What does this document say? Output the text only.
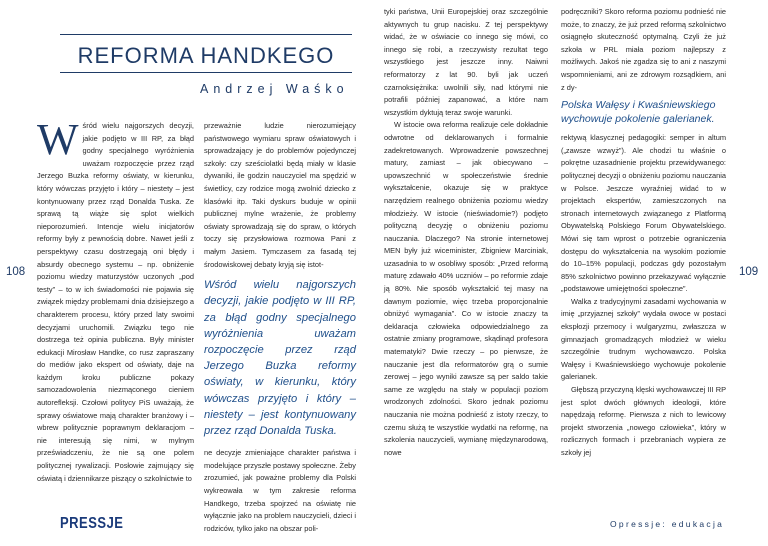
REFORMA HANDKEGO
Andrzej Waśko

Wśród wielu najgorszych decyzji, jakie podjęto w III RP, za błąd godny specjalnego wyróżnienia uważam rozpoczęcie przez rząd Jerzego Buzka reformy oświaty, w kierunku, który wówczas przyjęto i który – niestety – jest kontynuowany przez rząd Donalda Tuska. Ze sprawą tą wiąże się splot wielkich nieporozumień. Intencje wielu inicjatorów reformy były z pewnością dobre. Nawet jeśli z perspektywy czasu dostrzegają oni błędy i absurdy obecnego systemu – np. obniżenie poziomu wiedzy maturzystów uczonych „pod testy” – to w ich świadomości nie pojawia się związek między problemami dnia dzisiejszego a charakterem procesu, który przed laty swoimi decyzjami uruchomili. Związku tego nie dostrzega też opinia publiczna. Były minister edukacji Mirosław Handke, co rusz zapraszany do mediów jako ekspert od oświaty, daje na każdym kroku publiczne pokazy samozadowolenia niezmąconego cieniem autorefleksji. Czołowi politycy PiS uważają, że sprawy oświatowe mają charakter branżowy i – wbrew politycznie poprawnym deklaracjom – nie interesują się nimi, w mylnym przeświadczeniu, że nie są one polem politycznej rywalizacji. Posłowie zajmujący się oświatą i dziennikarze piszący o szkolnictwie to

przeważnie ludzie nierozumiejący państwowego wymiaru spraw oświatowych i sprowadzający je do problemów pojedynczej szkoły: czy sześciolatki będą miały w klasie dywaniki, ile godzin nauczyciel ma spędzić w świetlicy, czy rodzice mogą zwolnić dziecko z klasówki itp. Taki dyskurs buduje w opinii publicznej mylne wrażenie, że problemy oświaty sprowadzają się do spraw, o których toczy się przysłowiowa rozmowa Pani z małym Jasiem. Tymczasem za fasadą tej środowiskowej debaty kryją się istot-

Wśród wielu najgorszych decyzji, jakie podjęto w III RP, za błąd godny specjalnego wyróżnienia uważam rozpoczęcie przez rząd Jerzego Buzka reformy oświaty, w kierunku, który wówczas przyjęto i który – niestety – jest kontynuowany przez rząd Donalda Tuska.

ne decyzje zmieniające charakter państwa i modelujące przyszłe postawy społeczne. Żeby zrozumieć, jak poważne problemy dla Polski wykreowała w tym zakresie reforma Handkego, trzeba spojrzeć na oświatę nie wyłącznie jako na problem nauczycieli, dzieci i rodziców, tylko jako na obszar poli-

108
PRESSJE

tyki państwa, Unii Europejskiej oraz szczególnie aktywnych tu grup nacisku. Z tej perspektywy widać, że w oświacie co innego się mówi, co innego się robi, a rzeczywisty rezultat tego wszystkiego jest jeszcze inny. Naiwni reformatorzy z lat 90. byli jak uczeń czarnoksiężnika: uwolnili siły, nad którymi nie potrafili później zapanować, a które nam wszystkim dyktują teraz swoje warunki.

W istocie owa reforma realizuje cele dokładnie odwrotne od deklarowanych i formalnie zadekretowanych. Wprowadzenie powszechnej matury, zamiast – jak obiecywano – upowszechnić w społeczeństwie średnie wykształcenie, okazuje się w praktyce narzędziem realnego obniżenia poziomu wiedzy młodzieży. W istocie (nieświadomie?) podjęto polityczną decyzję o obniżeniu poziomu nauczania. Dlaczego? Na stronie internetowej MEN były już wiceminister, Zbigniew Marciniak, uzasadnia to w osobliwy sposób: „Przed reformą maturę zdawało 40% uczniów – po reformie zdaje ją 80%. Nie sposób wykształcić tej masy na dawnym poziomie, więc trzeba proporcjonalnie obniżyć wymagania”. Co w istocie znaczy ta deklaracja człowieka odpowiedzialnego za ostatnie zmiany programowe, skądinąd profesora matematyki? Dwie rzeczy – po pierwsze, że nauczanie jest dla reformatorów grą o sumie zerowej – jego wyniki zawsze są per saldo takie same ze względu na stały w populacji poziom wrodzonych zdolności. Skoro jednak poziomu nauczania nie można podnieść z istoty rzeczy, to czemu służą te wszystkie wydatki na reformę, na szkolenia nauczycieli, wymianę międzynarodową, nowe

podręczniki? Skoro reforma poziomu podnieść nie może, to znaczy, że już przed reformą szkolnictwo osiągnęło skuteczność optymalną. Czyli że już szkoła w PRL miała poziom najlepszy z możliwych. Jakoś nie zgadza się to ani z naszymi wspomnieniami, ani ze zdrowym rozsądkiem, ani z dy-

Polska Wałęsy i Kwaśniewskiego wychowuje pokolenie galerianek.

rektywą klasycznej pedagogiki: semper in altum („zawsze wzwyż”). Ale chodzi tu właśnie o pokrętne uzasadnienie projektu przewidywanego: politycznej decyzji o obniżeniu poziomu nauczania w Polsce. Jeszcze wyraźniej widać to w projektach ekspertów, zamieszczonych na stronach internetowych związanego z Platformą Obywatelską Polskiego Forum Obywatelskiego. Mówi się tam wprost o potrzebie ograniczenia dostępu do wykształcenia na wysokim poziomie do 10–15% populacji, podczas gdy pozostałym 85% szkolnictwo powinno przekazywać wyłącznie „podstawowe umiejętności społeczne”.

Walka z tradycyjnymi zasadami wychowania w imię „przyjaznej szkoły” wydała owoce w postaci ekspłozji przemocy i wulgaryzmu, zwłaszcza w gimnazjach gromadzących młodzież w wieku szczególnie trudnym wychowawczo. Polska Wałęsy i Kwaśniewskiego wychowuje pokolenie galerianek.

Głębszą przyczyną klęski wychowawczej III RP jest splot dwóch głównych ideologii, które napędzają reformę. Pierwsza z nich to lewicowy projekt stworzenia „nowego człowieka”, który w rozlicznych formach i przebraniach wypiera ze szkoły jej

109
Opressje: edukacja
